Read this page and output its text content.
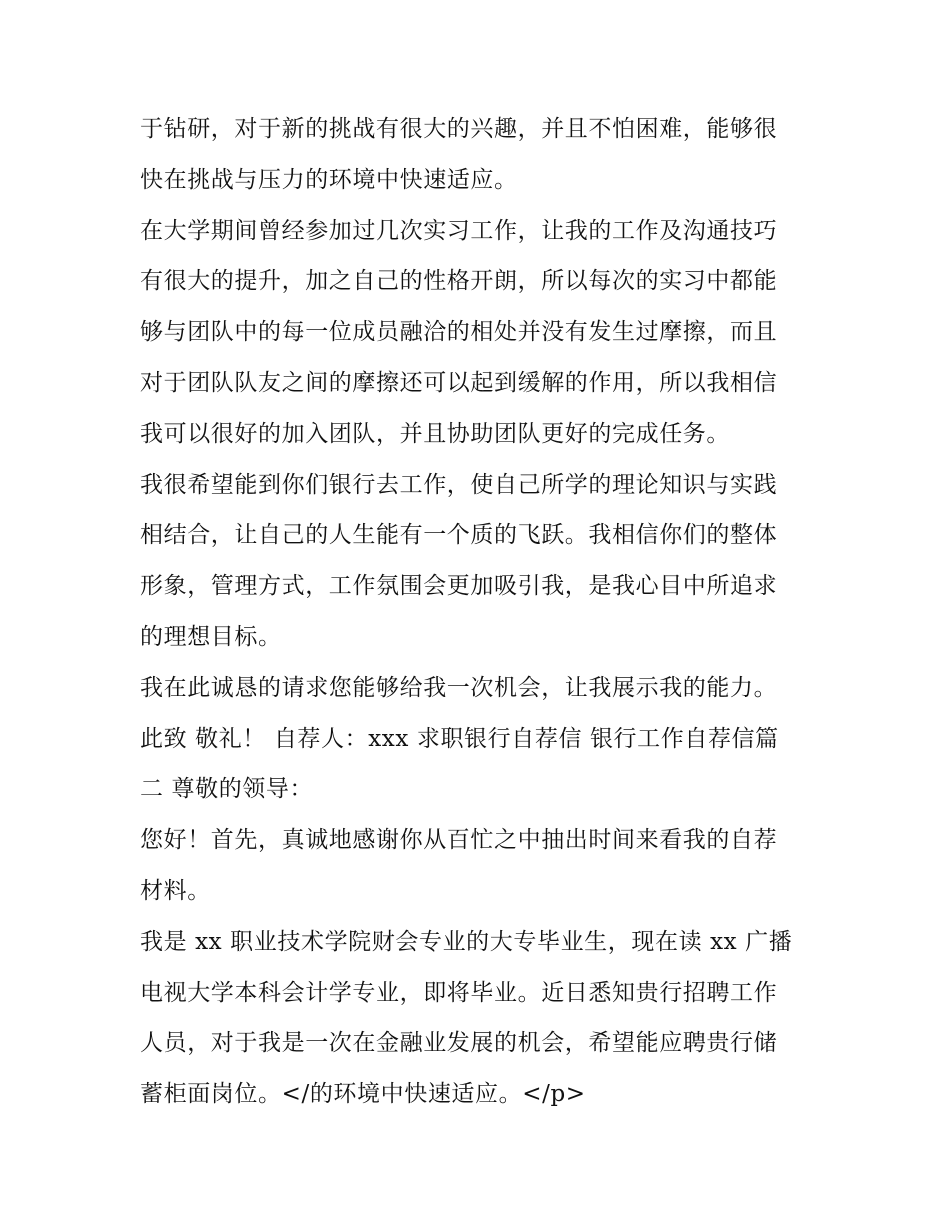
于钻研，对于新的挑战有很大的兴趣，并且不怕困难，能够很
快在挑战与压力的环境中快速适应。
在大学期间曾经参加过几次实习工作，让我的工作及沟通技巧
有很大的提升，加之自己的性格开朗，所以每次的实习中都能
够与团队中的每一位成员融洽的相处并没有发生过摩擦，而且
对于团队队友之间的摩擦还可以起到缓解的作用，所以我相信
我可以很好的加入团队，并且协助团队更好的完成任务。
我很希望能到你们银行去工作，使自己所学的理论知识与实践
相结合，让自己的人生能有一个质的飞跃。我相信你们的整体
形象，管理方式，工作氛围会更加吸引我，是我心目中所追求
的理想目标。
我在此诚恳的请求您能够给我一次机会，让我展示我的能力。
此致 敬礼！ 自荐人：xxx 求职银行自荐信 银行工作自荐信篇
二 尊敬的领导：
您好！首先，真诚地感谢你从百忙之中抽出时间来看我的自荐
材料。
我是 xx 职业技术学院财会专业的大专毕业生，现在读 xx 广播
电视大学本科会计学专业，即将毕业。近日悉知贵行招聘工作
人员，对于我是一次在金融业发展的机会，希望能应聘贵行储
蓄柜面岗位。</的环境中快速适应。</p>
